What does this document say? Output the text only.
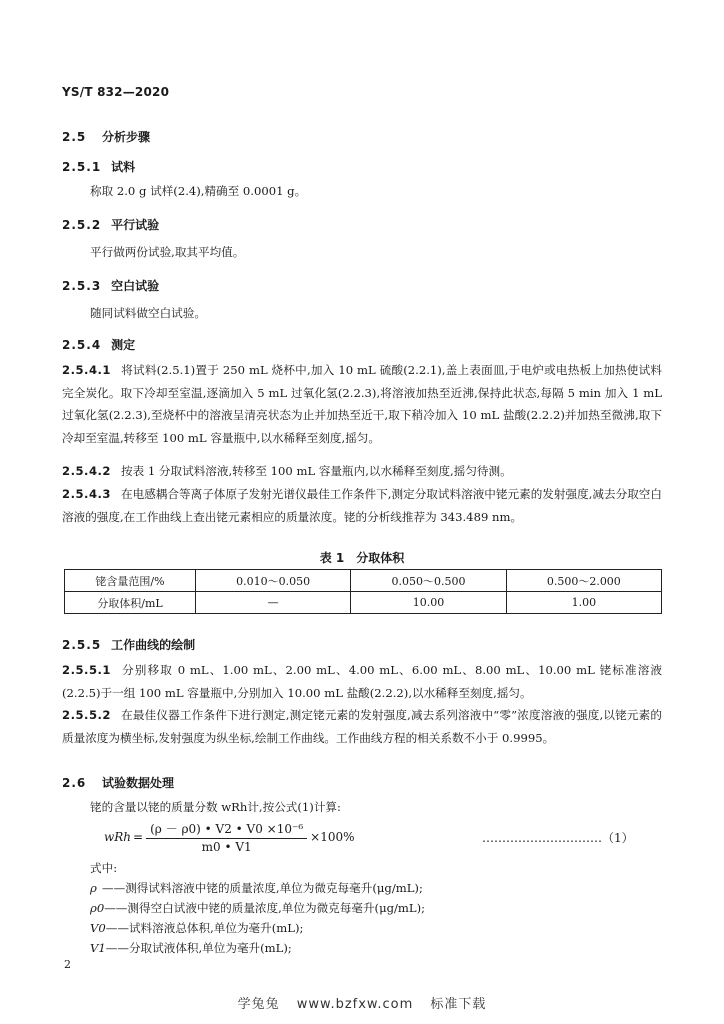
YS/T 832—2020
2.5 分析步骤
2.5.1 试料
称取 2.0 g 试样(2.4),精确至 0.0001 g。
2.5.2 平行试验
平行做两份试验,取其平均值。
2.5.3 空白试验
随同试料做空白试验。
2.5.4 测定
2.5.4.1 将试料(2.5.1)置于 250 mL 烧杯中,加入 10 mL 硫酸(2.2.1),盖上表面皿,于电炉或电热板上加热使试料完全炭化。取下冷却至室温,逐滴加入 5 mL 过氧化氢(2.2.3),将溶液加热至近沸,保持此状态,每隔 5 min 加入 1 mL 过氧化氢(2.2.3),至烧杯中的溶液呈清亮状态为止并加热至近干,取下稍冷加入 10 mL 盐酸(2.2.2)并加热至微沸,取下冷却至室温,转移至 100 mL 容量瓶中,以水稀释至刻度,摇匀。
2.5.4.2 按表 1 分取试料溶液,转移至 100 mL 容量瓶内,以水稀释至刻度,摇匀待测。
2.5.4.3 在电感耦合等离子体原子发射光谱仪最佳工作条件下,测定分取试料溶液中铑元素的发射强度,减去分取空白溶液的强度,在工作曲线上查出铑元素相应的质量浓度。铑的分析线推荐为 343.489 nm。
表 1　分取体积
铑含量范围/%	0.010～0.050	0.050～0.500	0.500～2.000
分取体积/mL	—	10.00	1.00
2.5.5 工作曲线的绘制
2.5.5.1 分别移取 0 mL、1.00 mL、2.00 mL、4.00 mL、6.00 mL、8.00 mL、10.00 mL 铑标准溶液(2.2.5)于一组 100 mL 容量瓶中,分别加入 10.00 mL 盐酸(2.2.2),以水稀释至刻度,摇匀。
2.5.5.2 在最佳仪器工作条件下进行测定,测定铑元素的发射强度,减去系列溶液中“零”浓度溶液的强度,以铑元素的质量浓度为横坐标,发射强度为纵坐标,绘制工作曲线。工作曲线方程的相关系数不小于 0.9995。
2.6 试验数据处理
铑的含量以铑的质量分数 wRh计,按公式(1)计算:
wRh = $\frac{\text{(ρ － ρ0) • V2 • V0 ×10⁻⁶}}{m0 • V1} \times 100\%$	…………………………（1）
式中:
ρ ——测得试料溶液中铑的质量浓度,单位为微克每毫升(μg/mL);
ρ0——测得空白试液中铑的质量浓度,单位为微克每毫升(μg/mL);
V0——试料溶液总体积,单位为毫升(mL);
V1——分取试液体积,单位为毫升(mL);
2
学兔兔 www.bzfxw.com 标准下载
